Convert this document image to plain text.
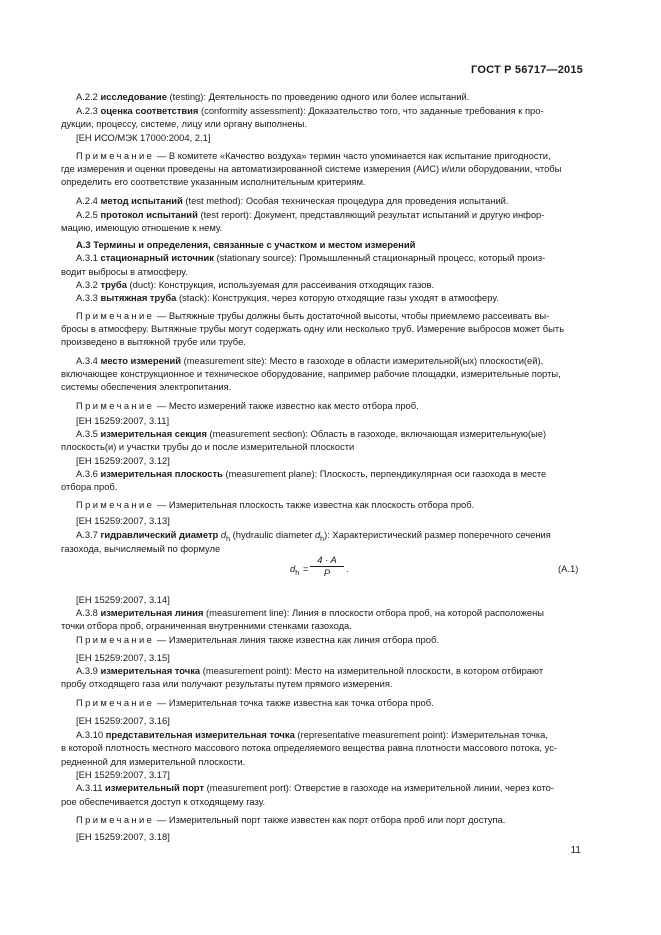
ГОСТ Р 56717—2015
A.2.2 исследование (testing): Деятельность по проведению одного или более испытаний.
A.2.3 оценка соответствия (conformity assessment): Доказательство того, что заданные требования к про-
дукции, процессу, системе, лицу или органу выполнены.
[ЕН ИСО/МЭК 17000:2004, 2.1]
Примечание — В комитете «Качество воздуха» термин часто упоминается как испытание пригодности,
где измерения и оценки проведены на автоматизированной системе измерения (АИС) и/или оборудовании, чтобы
определить его соответствие указанным исполнительным критериям.
A.2.4 метод испытаний (test method): Особая техническая процедура для проведения испытаний.
A.2.5 протокол испытаний (test report): Документ, представляющий результат испытаний и другую инфор-
мацию, имеющую отношение к нему.
A.3 Термины и определения, связанные с участком и местом измерений
A.3.1 стационарный источник (stationary source): Промышленный стационарный процесс, который произ-
водит выбросы в атмосферу.
A.3.2 труба (duct): Конструкция, используемая для рассеивания отходящих газов.
A.3.3 вытяжная труба (stack): Конструкция, через которую отходящие газы уходят в атмосферу.
Примечание — Вытяжные трубы должны быть достаточной высоты, чтобы приемлемо рассеивать вы-
бросы в атмосферу. Вытяжные трубы могут содержать одну или несколько труб. Измерение выбросов может быть
произведено в вытяжной трубе или трубе.
A.3.4 место измерений (measurement site): Место в газоходе в области измерительной(ых) плоскости(ей),
включающее конструкционное и техническое оборудование, например рабочие площадки, измерительные порты,
системы обеспечения электропитания.
Примечание — Место измерений также известно как место отбора проб.
[ЕН 15259:2007, 3.11]
A.3.5 измерительная секция (measurement section): Область в газоходе, включающая измерительную(ые)
плоскость(и) и участки трубы до и после измерительной плоскости
[ЕН 15259:2007, 3.12]
A.3.6 измерительная плоскость (measurement plane): Плоскость, перпендикулярная оси газохода в месте
отбора проб.
Примечание — Измерительная плоскость также известна как плоскость отбора проб.
[ЕН 15259:2007, 3.13]
A.3.7 гидравлический диаметр $d_h$ (hydraulic diameter $d_h$): Характеристический размер поперечного сечения
газохода, вычисляемый по формуле
[ЕН 15259:2007, 3.14]
A.3.8 измерительная линия (measurement line): Линия в плоскости отбора проб, на которой расположены
точки отбора проб, ограниченная внутренними стенками газохода.
Примечание — Измерительная линия также известна как линия отбора проб.
[ЕН 15259:2007, 3.15]
A.3.9 измерительная точка (measurement point): Место на измерительной плоскости, в котором отбирают
пробу отходящего газа или получают результаты путем прямого измерения.
Примечание — Измерительная точка также известна как точка отбора проб.
[ЕН 15259:2007, 3.16]
A.3.10 представительная измерительная точка (representative measurement point): Измерительная точка,
в которой плотность местного массового потока определяемого вещества равна плотности массового потока, ус-
редненной для измерительной плоскости.
[ЕН 15259:2007, 3.17]
A.3.11 измерительный порт (measurement port): Отверстие в газоходе на измерительной линии, через кото-
рое обеспечивается доступ к отходящему газу.
Примечание — Измерительный порт также известен как порт отбора проб или порт доступа.
[ЕН 15259:2007, 3.18]
$d_h = \frac{4 \cdot A}{P}$ .	(A.1)
11
